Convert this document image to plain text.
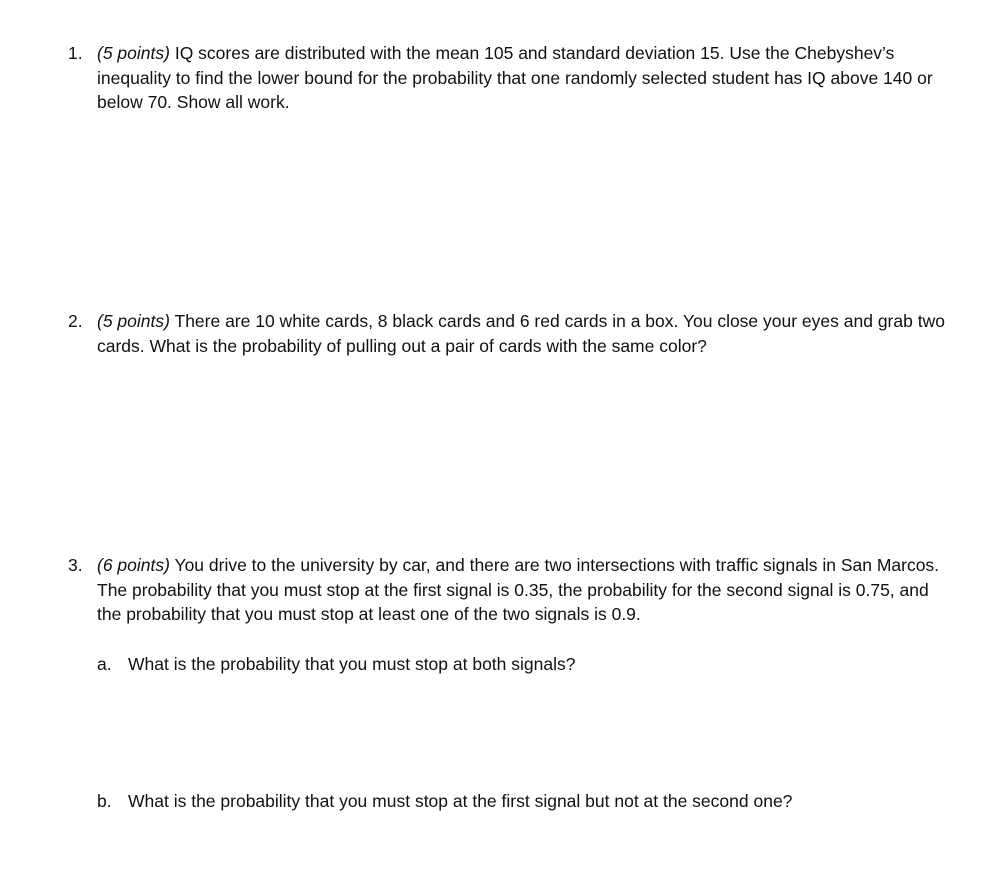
1. (5 points) IQ scores are distributed with the mean 105 and standard deviation 15. Use the Chebyshev’s inequality to find the lower bound for the probability that one randomly selected student has IQ above 140 or below 70. Show all work.
2. (5 points) There are 10 white cards, 8 black cards and 6 red cards in a box. You close your eyes and grab two cards. What is the probability of pulling out a pair of cards with the same color?
3. (6 points) You drive to the university by car, and there are two intersections with traffic signals in San Marcos. The probability that you must stop at the first signal is 0.35, the probability for the second signal is 0.75, and the probability that you must stop at least one of the two signals is 0.9.
a. What is the probability that you must stop at both signals?
b. What is the probability that you must stop at the first signal but not at the second one?
